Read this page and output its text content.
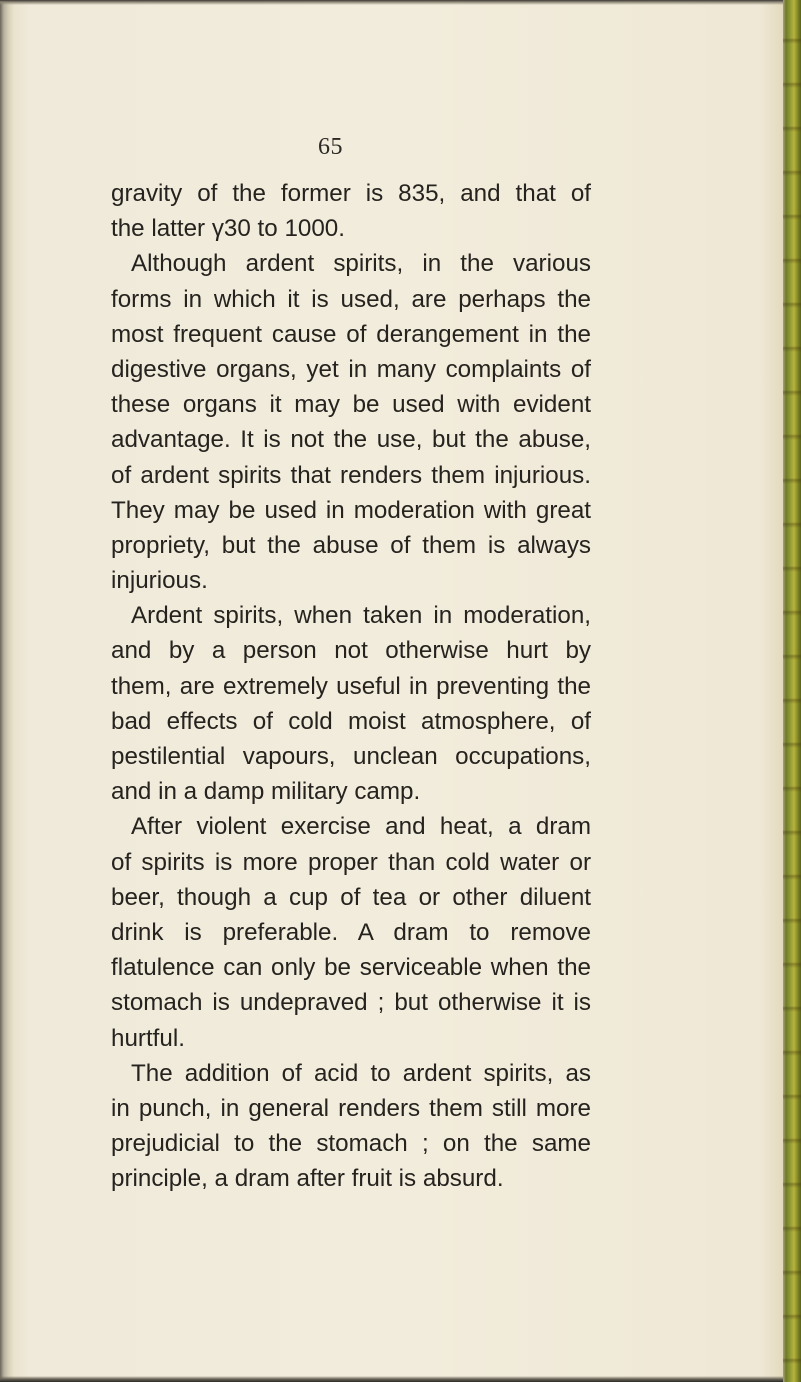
65
gravity of the former is 835, and that of
the latter γ30 to 1000.
Although ardent spirits, in the various
forms in which it is used, are perhaps the
most frequent cause of derangement in the
digestive organs, yet in many complaints of
these organs it may be used with evident
advantage. It is not the use, but the abuse,
of ardent spirits that renders them injurious.
They may be used in moderation with great
propriety, but the abuse of them is always
injurious.
Ardent spirits, when taken in moderation,
and by a person not otherwise hurt by
them, are extremely useful in preventing the
bad effects of cold moist atmosphere, of
pestilential vapours, unclean occupations,
and in a damp military camp.
After violent exercise and heat, a dram
of spirits is more proper than cold water or
beer, though a cup of tea or other diluent
drink is preferable. A dram to remove
flatulence can only be serviceable when the
stomach is undepraved ; but otherwise it is
hurtful.
The addition of acid to ardent spirits, as
in punch, in general renders them still more
prejudicial to the stomach ; on the same
principle, a dram after fruit is absurd.
